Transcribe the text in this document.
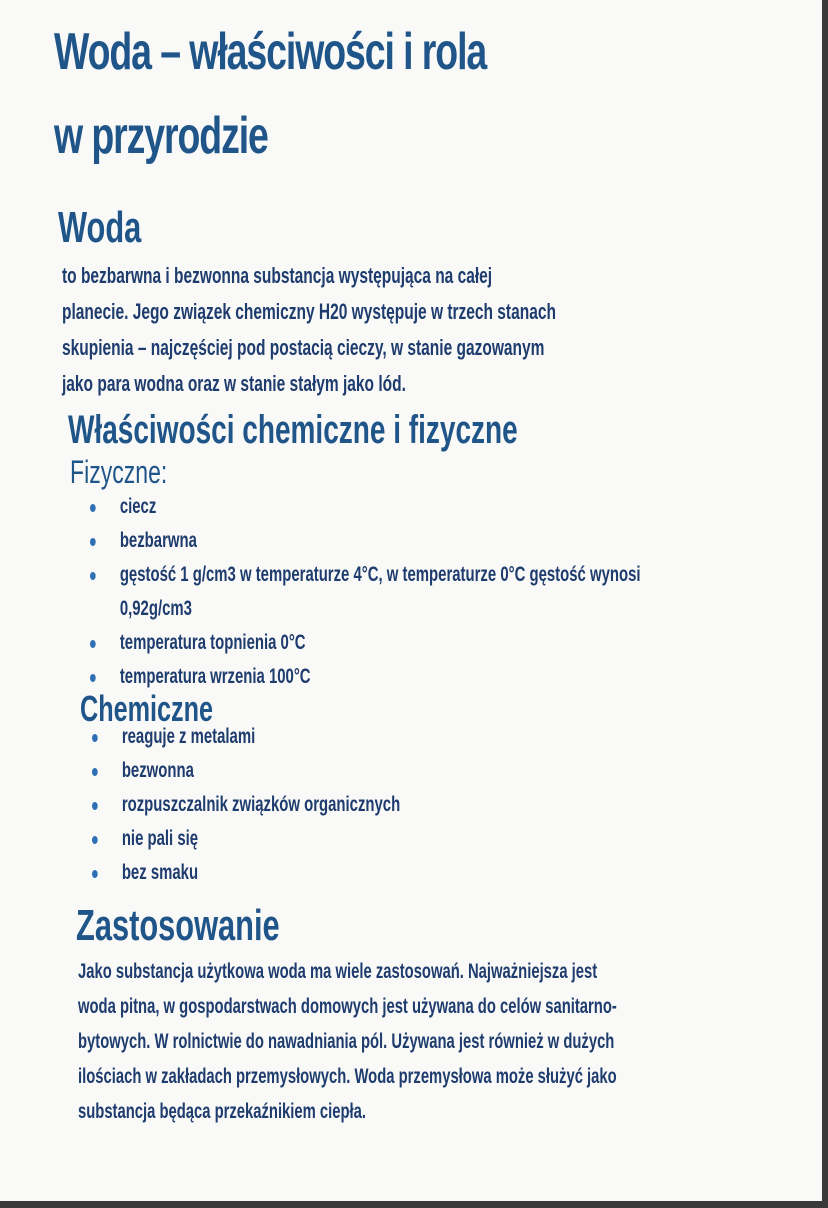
Woda – właściwości i rola
w przyrodzie
Woda
to bezbarwna i bezwonna substancja występująca na całej
planecie. Jego związek chemiczny H20 występuje w trzech stanach
skupienia – najczęściej pod postacią cieczy, w stanie gazowanym
jako para wodna oraz w stanie stałym jako lód.
Właściwości chemiczne i fizyczne
Fizyczne:
ciecz
bezbarwna
gęstość 1 g/cm3 w temperaturze 4°C, w temperaturze 0°C gęstość wynosi
0,92g/cm3
temperatura topnienia 0°C
temperatura wrzenia 100°C
Chemiczne
reaguje z metalami
bezwonna
rozpuszczalnik związków organicznych
nie pali się
bez smaku
Zastosowanie
Jako substancja użytkowa woda ma wiele zastosowań. Najważniejsza jest
woda pitna, w gospodarstwach domowych jest używana do celów sanitarno-
bytowych. W rolnictwie do nawadniania pól. Używana jest również w dużych
ilościach w zakładach przemysłowych. Woda przemysłowa może służyć jako
substancja będąca przekaźnikiem ciepła.
